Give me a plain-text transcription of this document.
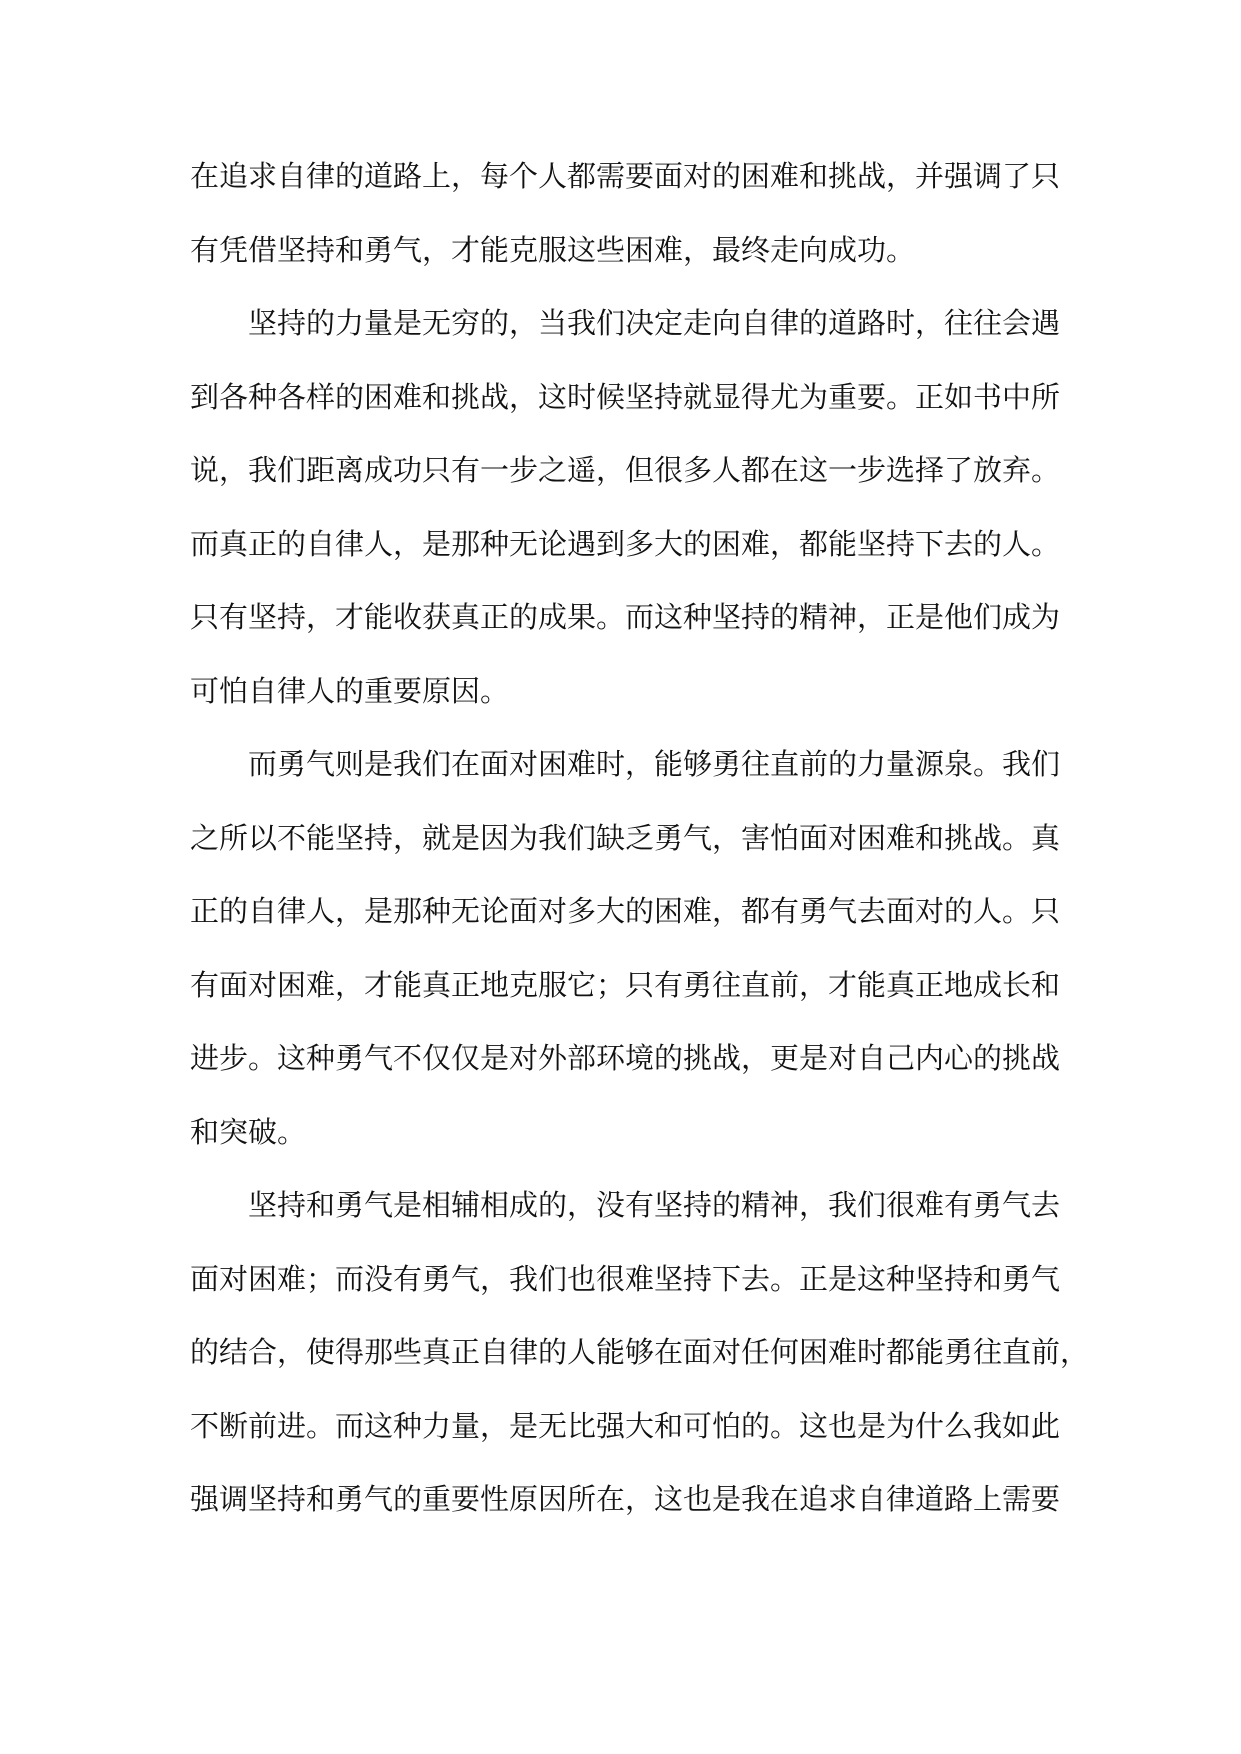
在追求自律的道路上，每个人都需要面对的困难和挑战，并强调了只
有凭借坚持和勇气，才能克服这些困难，最终走向成功。
坚持的力量是无穷的，当我们决定走向自律的道路时，往往会遇
到各种各样的困难和挑战，这时候坚持就显得尤为重要。正如书中所
说，我们距离成功只有一步之遥，但很多人都在这一步选择了放弃。
而真正的自律人，是那种无论遇到多大的困难，都能坚持下去的人。
只有坚持，才能收获真正的成果。而这种坚持的精神，正是他们成为
可怕自律人的重要原因。
而勇气则是我们在面对困难时，能够勇往直前的力量源泉。我们
之所以不能坚持，就是因为我们缺乏勇气，害怕面对困难和挑战。真
正的自律人，是那种无论面对多大的困难，都有勇气去面对的人。只
有面对困难，才能真正地克服它；只有勇往直前，才能真正地成长和
进步。这种勇气不仅仅是对外部环境的挑战，更是对自己内心的挑战
和突破。
坚持和勇气是相辅相成的，没有坚持的精神，我们很难有勇气去
面对困难；而没有勇气，我们也很难坚持下去。正是这种坚持和勇气
的结合，使得那些真正自律的人能够在面对任何困难时都能勇往直前，
不断前进。而这种力量，是无比强大和可怕的。这也是为什么我如此
强调坚持和勇气的重要性原因所在，这也是我在追求自律道路上需要
